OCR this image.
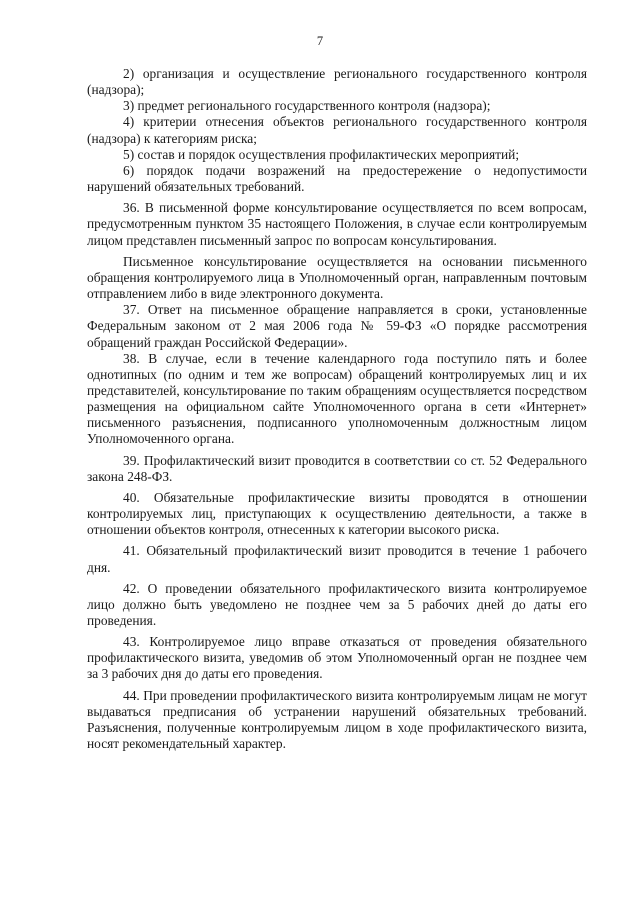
7

2) организация и осуществление регионального государственного контроля (надзора);

3) предмет регионального государственного контроля (надзора);

4) критерии отнесения объектов регионального государственного контроля (надзора) к категориям риска;

5) состав и порядок осуществления профилактических мероприятий;

6) порядок подачи возражений на предостережение о недопустимости нарушений обязательных требований.

36. В письменной форме консультирование осуществляется по всем вопросам, предусмотренным пунктом 35 настоящего Положения, в случае если контролируемым лицом представлен письменный запрос по вопросам консультирования.

Письменное консультирование осуществляется на основании письменного обращения контролируемого лица в Уполномоченный орган, направленным почтовым отправлением либо в виде электронного документа.

37. Ответ на письменное обращение направляется в сроки, установленные Федеральным законом от 2 мая 2006 года № 59-ФЗ «О порядке рассмотрения обращений граждан Российской Федерации».

38. В случае, если в течение календарного года поступило пять и более однотипных (по одним и тем же вопросам) обращений контролируемых лиц и их представителей, консультирование по таким обращениям осуществляется посредством размещения на официальном сайте Уполномоченного органа в сети «Интернет» письменного разъяснения, подписанного уполномоченным должностным лицом Уполномоченного органа.

39. Профилактический визит проводится в соответствии со ст. 52 Федерального закона 248-ФЗ.

40. Обязательные профилактические визиты проводятся в отношении контролируемых лиц, приступающих к осуществлению деятельности, а также в отношении объектов контроля, отнесенных к категории высокого риска.

41. Обязательный профилактический визит проводится в течение 1 рабочего дня.

42. О проведении обязательного профилактического визита контролируемое лицо должно быть уведомлено не позднее чем за 5 рабочих дней до даты его проведения.

43. Контролируемое лицо вправе отказаться от проведения обязательного профилактического визита, уведомив об этом Уполномоченный орган не позднее чем за 3 рабочих дня до даты его проведения.

44. При проведении профилактического визита контролируемым лицам не могут выдаваться предписания об устранении нарушений обязательных требований. Разъяснения, полученные контролируемым лицом в ходе профилактического визита, носят рекомендательный характер.
